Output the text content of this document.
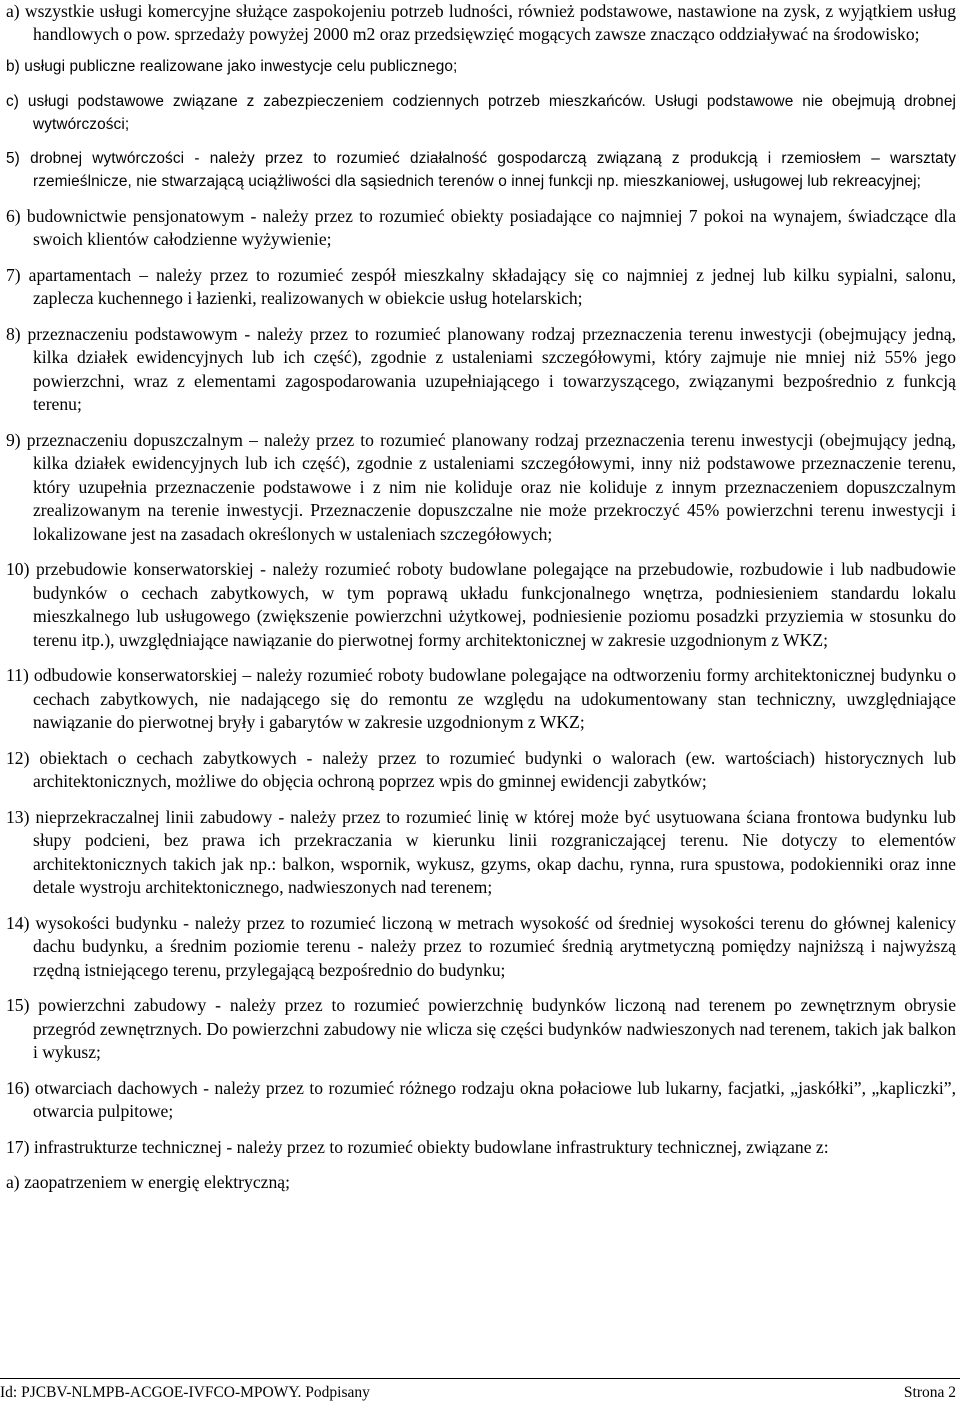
a) wszystkie usługi komercyjne służące zaspokojeniu potrzeb ludności, również podstawowe, nastawione na zysk, z wyjątkiem usług handlowych o pow. sprzedaży powyżej 2000 m2 oraz przedsięwzięć mogących zawsze znacząco oddziaływać na środowisko;

b) usługi publiczne realizowane jako inwestycje celu publicznego;

c) usługi podstawowe związane z zabezpieczeniem codziennych potrzeb mieszkańców. Usługi podstawowe nie obejmują drobnej wytwórczości;

5) drobnej wytwórczości - należy przez to rozumieć działalność gospodarczą związaną z produkcją i rzemiosłem – warsztaty rzemieślnicze, nie stwarzającą uciążliwości dla sąsiednich terenów o innej funkcji np. mieszkaniowej, usługowej lub rekreacyjnej;

6) budownictwie pensjonatowym - należy przez to rozumieć obiekty posiadające co najmniej 7 pokoi na wynajem, świadczące dla swoich klientów całodzienne wyżywienie;

7) apartamentach – należy przez to rozumieć zespół mieszkalny składający się co najmniej z jednej lub kilku sypialni, salonu, zaplecza kuchennego i łazienki, realizowanych w obiekcie usług hotelarskich;

8) przeznaczeniu podstawowym - należy przez to rozumieć planowany rodzaj przeznaczenia terenu inwestycji (obejmujący jedną, kilka działek ewidencyjnych lub ich część), zgodnie z ustaleniami szczegółowymi, który zajmuje nie mniej niż 55% jego powierzchni, wraz z elementami zagospodarowania uzupełniającego i towarzyszącego, związanymi bezpośrednio z funkcją terenu;

9) przeznaczeniu dopuszczalnym – należy przez to rozumieć planowany rodzaj przeznaczenia terenu inwestycji (obejmujący jedną, kilka działek ewidencyjnych lub ich część), zgodnie z ustaleniami szczegółowymi, inny niż podstawowe przeznaczenie terenu, który uzupełnia przeznaczenie podstawowe i z nim nie koliduje oraz nie koliduje z innym przeznaczeniem dopuszczalnym zrealizowanym na terenie inwestycji. Przeznaczenie dopuszczalne nie może przekroczyć 45% powierzchni terenu inwestycji i lokalizowane jest na zasadach określonych w ustaleniach szczegółowych;

10) przebudowie konserwatorskiej - należy rozumieć roboty budowlane polegające na przebudowie, rozbudowie i lub nadbudowie budynków o cechach zabytkowych, w tym poprawą układu funkcjonalnego wnętrza, podniesieniem standardu lokalu mieszkalnego lub usługowego (zwiększenie powierzchni użytkowej, podniesienie poziomu posadzki przyziemia w stosunku do terenu itp.), uwzględniające nawiązanie do pierwotnej formy architektonicznej w zakresie uzgodnionym z WKZ;

11) odbudowie konserwatorskiej – należy rozumieć roboty budowlane polegające na odtworzeniu formy architektonicznej budynku o cechach zabytkowych, nie nadającego się do remontu ze względu na udokumentowany stan techniczny, uwzględniające nawiązanie do pierwotnej bryły i gabarytów w zakresie uzgodnionym z WKZ;

12) obiektach o cechach zabytkowych - należy przez to rozumieć budynki o walorach (ew. wartościach) historycznych lub architektonicznych, możliwe do objęcia ochroną poprzez wpis do gminnej ewidencji zabytków;

13) nieprzekraczalnej linii zabudowy - należy przez to rozumieć linię w której może być usytuowana ściana frontowa budynku lub słupy podcieni, bez prawa ich przekraczania w kierunku linii rozgraniczającej terenu. Nie dotyczy to elementów architektonicznych takich jak np.: balkon, wspornik, wykusz, gzyms, okap dachu, rynna, rura spustowa, podokienniki oraz inne detale wystroju architektonicznego, nadwieszonych nad terenem;

14) wysokości budynku - należy przez to rozumieć liczoną w metrach wysokość od średniej wysokości terenu do głównej kalenicy dachu budynku, a średnim poziomie terenu - należy przez to rozumieć średnią arytmetyczną pomiędzy najniższą i najwyższą rzędną istniejącego terenu, przylegającą bezpośrednio do budynku;

15) powierzchni zabudowy - należy przez to rozumieć powierzchnię budynków liczoną nad terenem po zewnętrznym obrysie przegród zewnętrznych. Do powierzchni zabudowy nie wlicza się części budynków nadwieszonych nad terenem, takich jak balkon i wykusz;

16) otwarciach dachowych - należy przez to rozumieć różnego rodzaju okna połaciowe lub lukarny, facjatki, „jaskółki”, „kapliczki”, otwarcia pulpitowe;

17) infrastrukturze technicznej - należy przez to rozumieć obiekty budowlane infrastruktury technicznej, związane z:

a) zaopatrzeniem w energię elektryczną;

Id: PJCBV-NLMPB-ACGOE-IVFCO-MPOWY. Podpisany	Strona 2
